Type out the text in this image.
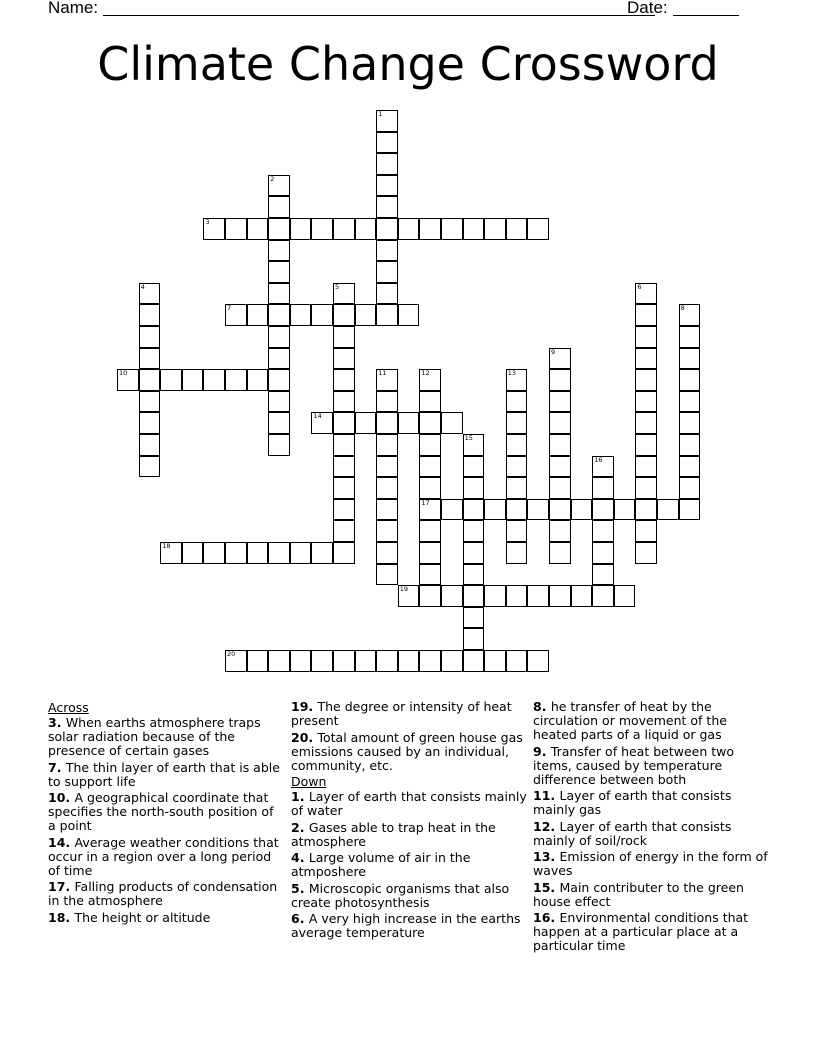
Name:	Date:
Climate Change Crossword
1
2
3
4	5	6
7	8
9
10	11	12
17
13
14
15
16
18
19
20
Across
3. When earths atmosphere traps solar radiation because of the presence of certain gases
7. The thin layer of earth that is able to support life
10. A geographical coordinate that specifies the north-south position of a point
14. Average weather conditions that occur in a region over a long period of time
17. Falling products of condensation in the atmosphere
18. The height or altitude
19. The degree or intensity of heat present
20. Total amount of green house gas emissions caused by an individual, community, etc.
Down
1. Layer of earth that consists mainly of water
2. Gases able to trap heat in the atmosphere
4. Large volume of air in the atmposhere
5. Microscopic organisms that also create photosynthesis
6. A very high increase in the earths average temperature
8. he transfer of heat by the circulation or movement of the heated parts of a liquid or gas
9. Transfer of heat between two items, caused by temperature difference between both
11. Layer of earth that consists mainly gas
12. Layer of earth that consists mainly of soil/rock
13. Emission of energy in the form of waves
15. Main contributer to the green house effect
16. Environmental conditions that happen at a particular place at a particular time
